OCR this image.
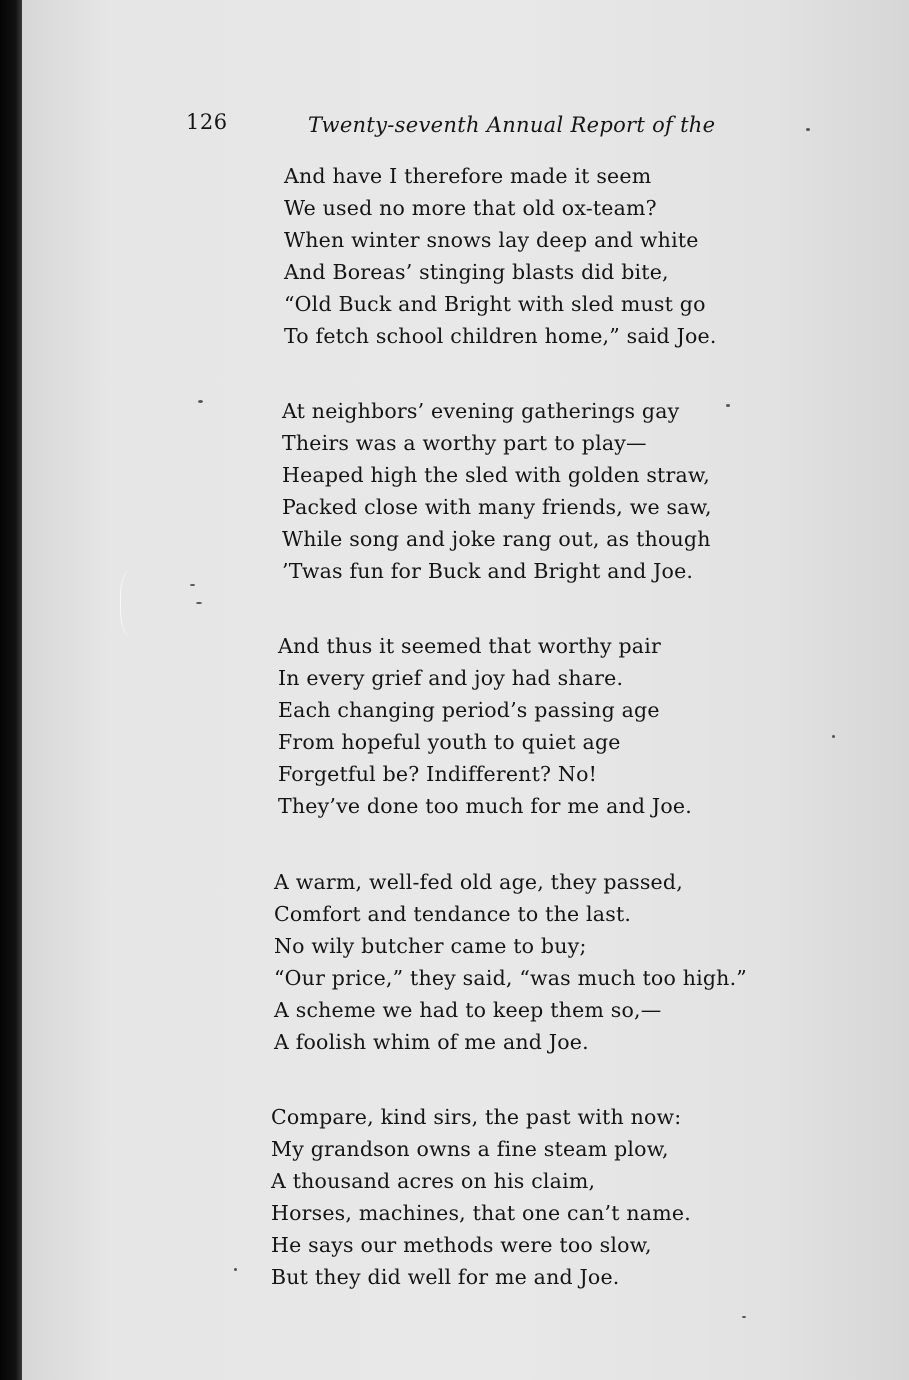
126	Twenty-seventh Annual Report of the
And have I therefore made it seem
We used no more that old ox-team?
When winter snows lay deep and white
And Boreas’ stinging blasts did bite,
“Old Buck and Bright with sled must go
To fetch school children home,” said Joe.
At neighbors’ evening gatherings gay
Theirs was a worthy part to play—
Heaped high the sled with golden straw,
Packed close with many friends, we saw,
While song and joke rang out, as though
’Twas fun for Buck and Bright and Joe.
And thus it seemed that worthy pair
In every grief and joy had share.
Each changing period’s passing age
From hopeful youth to quiet age
Forgetful be? Indifferent? No!
They’ve done too much for me and Joe.
A warm, well-fed old age, they passed,
Comfort and tendance to the last.
No wily butcher came to buy;
“Our price,” they said, “was much too high.”
A scheme we had to keep them so,—
A foolish whim of me and Joe.
Compare, kind sirs, the past with now:
My grandson owns a fine steam plow,
A thousand acres on his claim,
Horses, machines, that one can’t name.
He says our methods were too slow,
But they did well for me and Joe.
